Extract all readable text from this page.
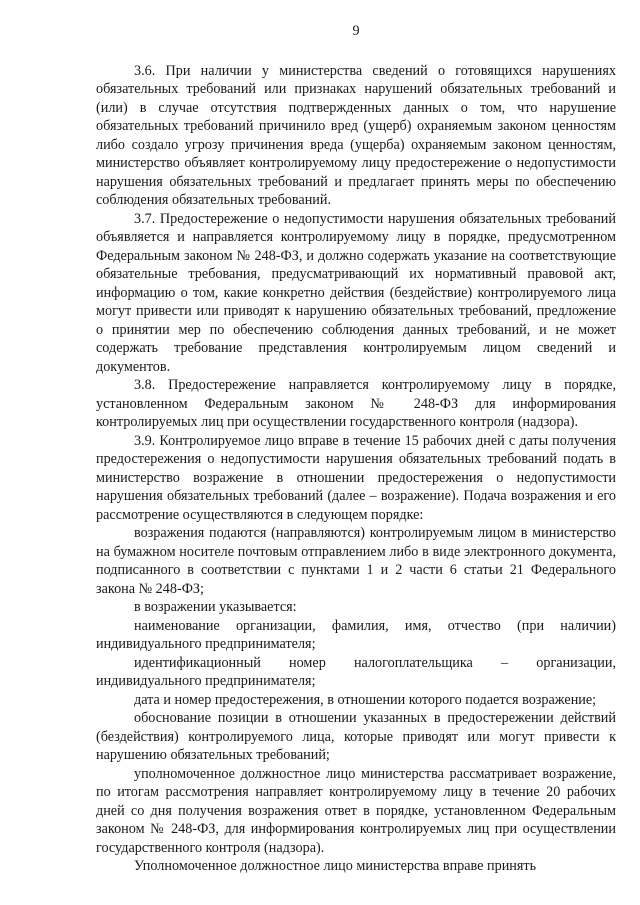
9

3.6. При наличии у министерства сведений о готовящихся нарушениях обязательных требований или признаках нарушений обязательных требований и (или) в случае отсутствия подтвержденных данных о том, что нарушение обязательных требований причинило вред (ущерб) охраняемым законом ценностям либо создало угрозу причинения вреда (ущерба) охраняемым законом ценностям, министерство объявляет контролируемому лицу предостережение о недопустимости нарушения обязательных требований и предлагает принять меры по обеспечению соблюдения обязательных требований.

3.7. Предостережение о недопустимости нарушения обязательных требований объявляется и направляется контролируемому лицу в порядке, предусмотренном Федеральным законом № 248-ФЗ, и должно содержать указание на соответствующие обязательные требования, предусматривающий их нормативный правовой акт, информацию о том, какие конкретно действия (бездействие) контролируемого лица могут привести или приводят к нарушению обязательных требований, предложение о принятии мер по обеспечению соблюдения данных требований, и не может содержать требование представления контролируемым лицом сведений и документов.

3.8. Предостережение направляется контролируемому лицу в порядке, установленном Федеральным законом № 248-ФЗ для информирования контролируемых лиц при осуществлении государственного контроля (надзора).

3.9. Контролируемое лицо вправе в течение 15 рабочих дней с даты получения предостережения о недопустимости нарушения обязательных требований подать в министерство возражение в отношении предостережения о недопустимости нарушения обязательных требований (далее – возражение). Подача возражения и его рассмотрение осуществляются в следующем порядке:

возражения подаются (направляются) контролируемым лицом в министерство на бумажном носителе почтовым отправлением либо в виде электронного документа, подписанного в соответствии с пунктами 1 и 2 части 6 статьи 21 Федерального закона № 248-ФЗ;

в возражении указывается:

наименование организации, фамилия, имя, отчество (при наличии) индивидуального предпринимателя;

идентификационный номер налогоплательщика – организации, индивидуального предпринимателя;

дата и номер предостережения, в отношении которого подается возражение;

обоснование позиции в отношении указанных в предостережении действий (бездействия) контролируемого лица, которые приводят или могут привести к нарушению обязательных требований;

уполномоченное должностное лицо министерства рассматривает возражение, по итогам рассмотрения направляет контролируемому лицу в течение 20 рабочих дней со дня получения возражения ответ в порядке, установленном Федеральным законом № 248-ФЗ, для информирования контролируемых лиц при осуществлении государственного контроля (надзора).

Уполномоченное должностное лицо министерства вправе принять
